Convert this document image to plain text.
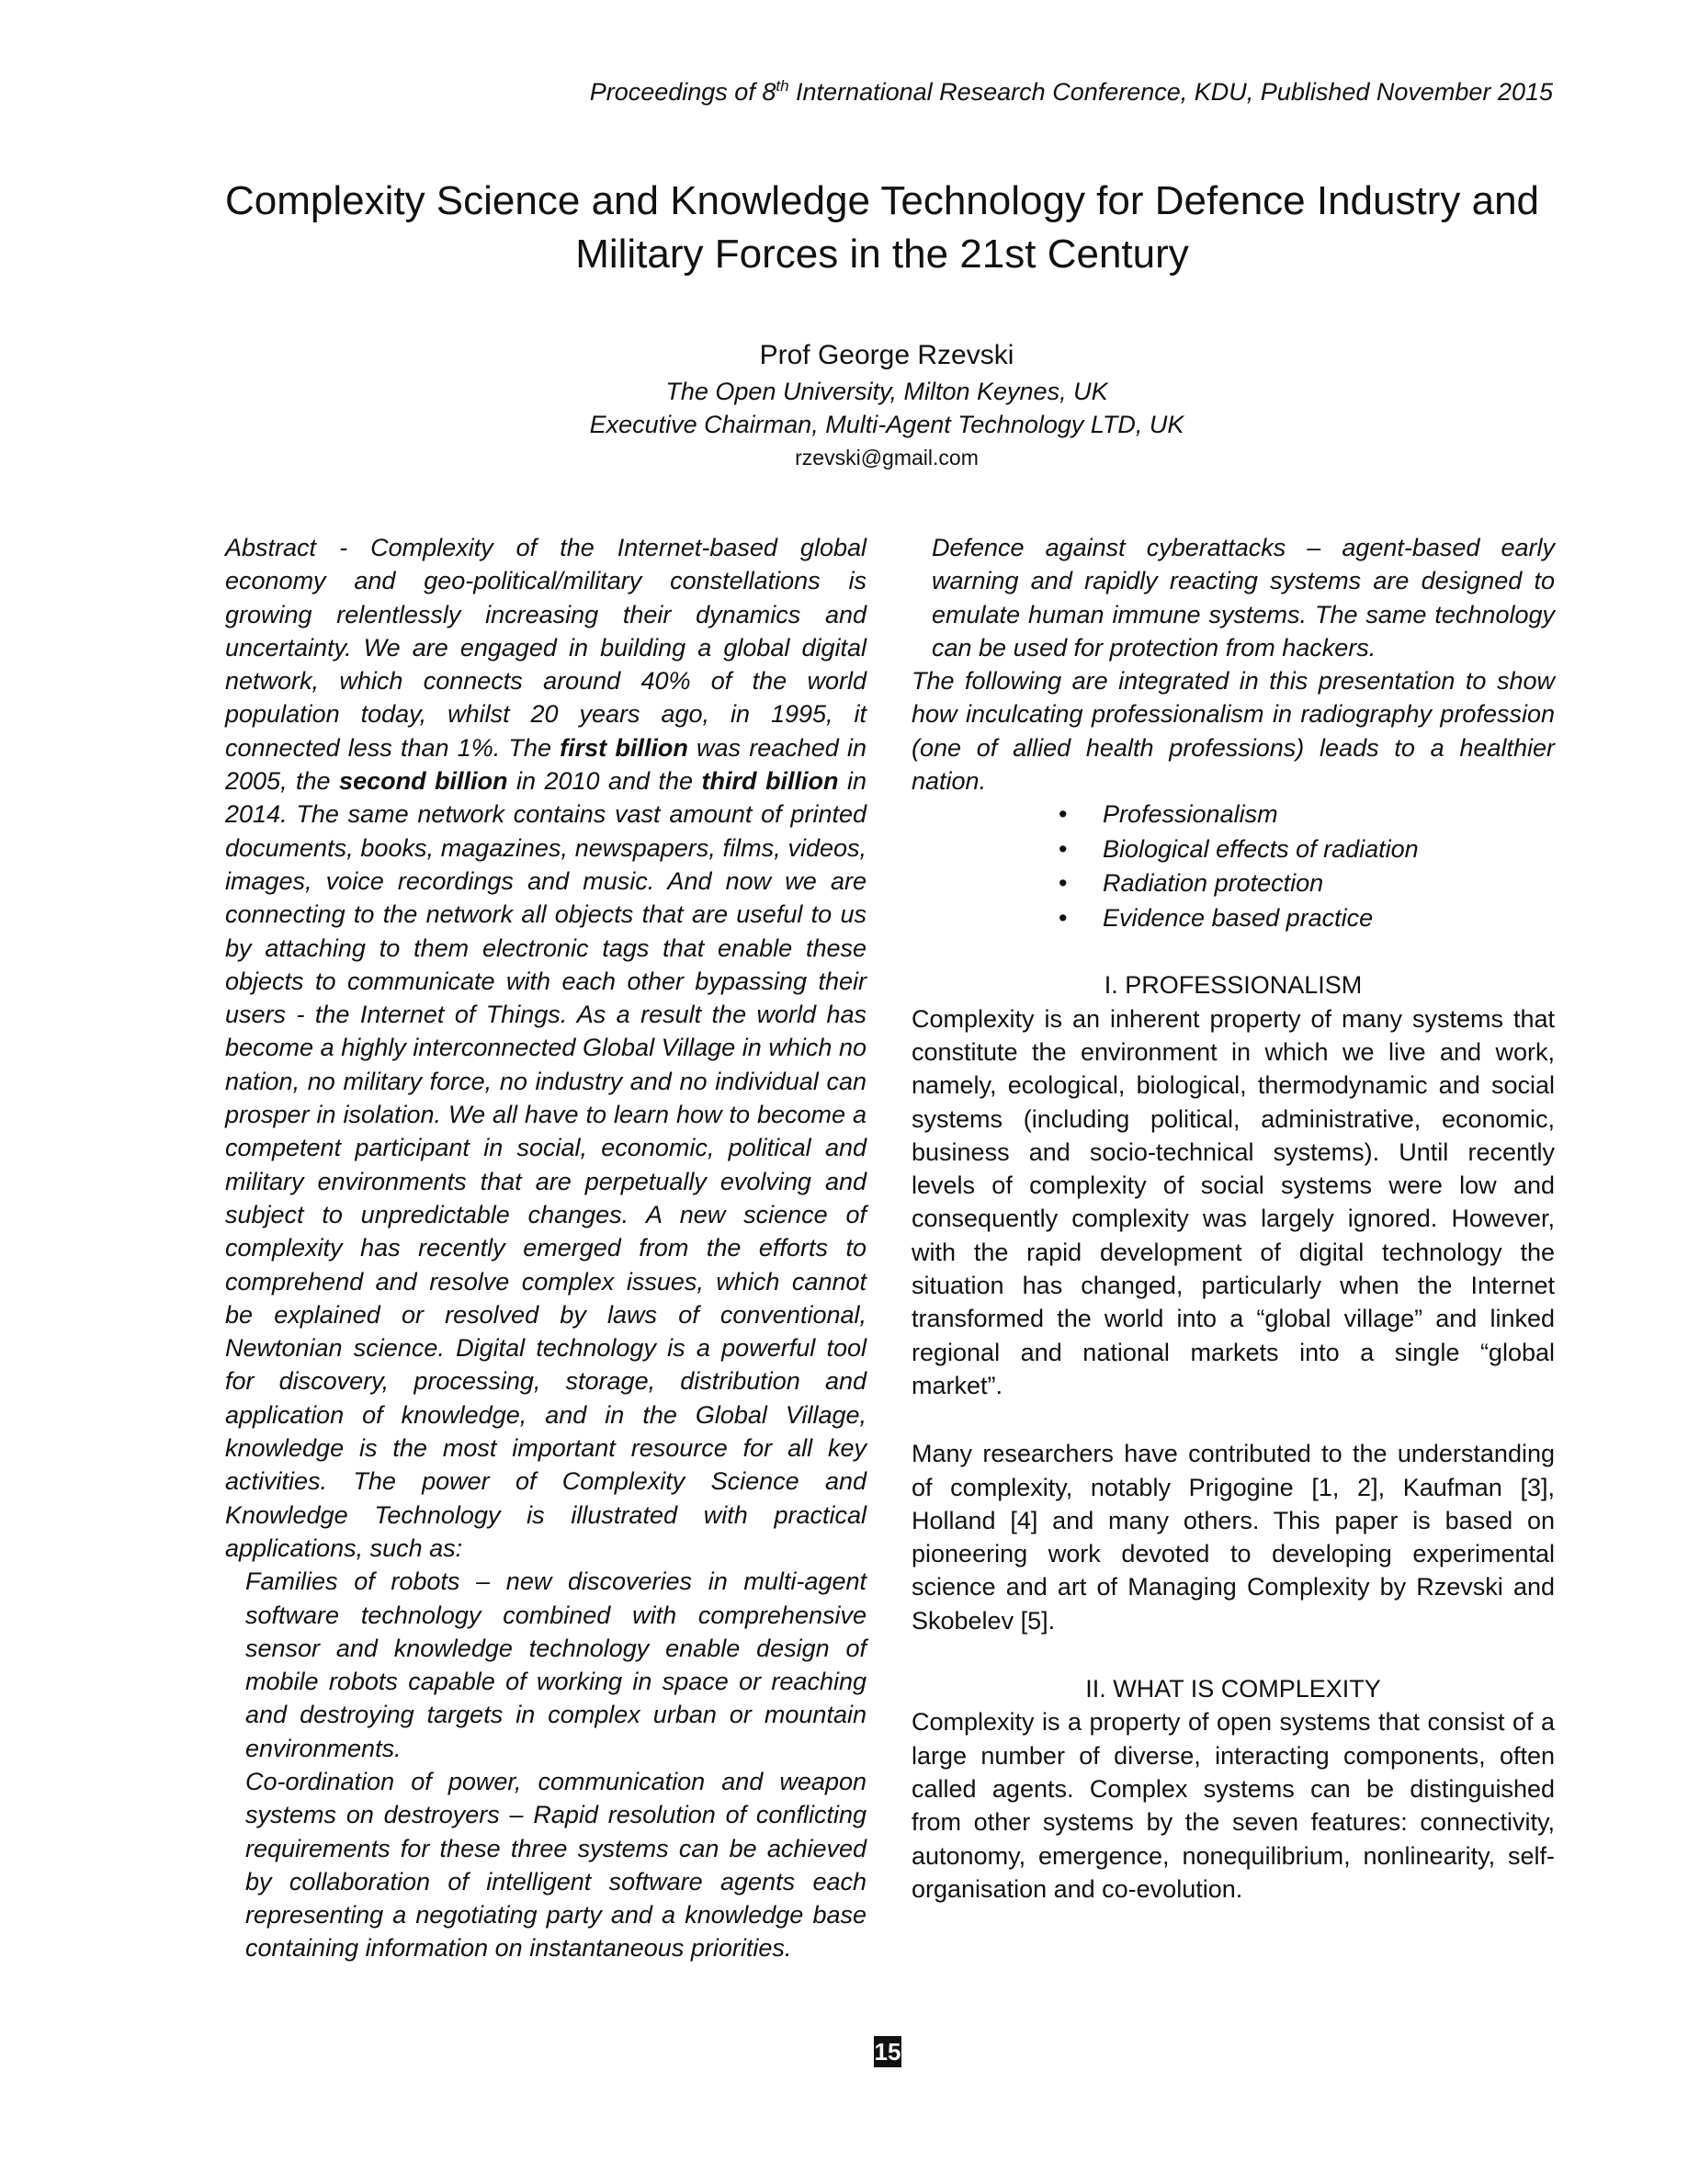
Proceedings of 8th International Research Conference, KDU, Published November 2015
Complexity Science and Knowledge Technology for Defence Industry and Military Forces in the 21st Century
Prof George Rzevski
The Open University, Milton Keynes, UK
Executive Chairman, Multi-Agent Technology LTD, UK
rzevski@gmail.com

Abstract - Complexity of the Internet-based global economy and geo-political/military constellations is growing relentlessly increasing their dynamics and uncertainty. We are engaged in building a global digital network, which connects around 40% of the world population today, whilst 20 years ago, in 1995, it connected less than 1%. The first billion was reached in 2005, the second billion in 2010 and the third billion in 2014. The same network contains vast amount of printed documents, books, magazines, newspapers, films, videos, images, voice recordings and music. And now we are connecting to the network all objects that are useful to us by attaching to them electronic tags that enable these objects to communicate with each other bypassing their users - the Internet of Things. As a result the world has become a highly interconnected Global Village in which no nation, no military force, no industry and no individual can prosper in isolation. We all have to learn how to become a competent participant in social, economic, political and military environments that are perpetually evolving and subject to unpredictable changes. A new science of complexity has recently emerged from the efforts to comprehend and resolve complex issues, which cannot be explained or resolved by laws of conventional, Newtonian science. Digital technology is a powerful tool for discovery, processing, storage, distribution and application of knowledge, and in the Global Village, knowledge is the most important resource for all key activities. The power of Complexity Science and Knowledge Technology is illustrated with practical applications, such as:

Families of robots – new discoveries in multi-agent software technology combined with comprehensive sensor and knowledge technology enable design of mobile robots capable of working in space or reaching and destroying targets in complex urban or mountain environments.

Co-ordination of power, communication and weapon systems on destroyers – Rapid resolution of conflicting requirements for these three systems can be achieved by collaboration of intelligent software agents each representing a negotiating party and a knowledge base containing information on instantaneous priorities.

Defence against cyberattacks – agent-based early warning and rapidly reacting systems are designed to emulate human immune systems. The same technology can be used for protection from hackers.

The following are integrated in this presentation to show how inculcating professionalism in radiography profession (one of allied health professions) leads to a healthier nation.

• Professionalism
• Biological effects of radiation
• Radiation protection
• Evidence based practice

I. PROFESSIONALISM

Complexity is an inherent property of many systems that constitute the environment in which we live and work, namely, ecological, biological, thermodynamic and social systems (including political, administrative, economic, business and socio-technical systems). Until recently levels of complexity of social systems were low and consequently complexity was largely ignored. However, with the rapid development of digital technology the situation has changed, particularly when the Internet transformed the world into a “global village” and linked regional and national markets into a single “global market”.

Many researchers have contributed to the understanding of complexity, notably Prigogine [1, 2], Kaufman [3], Holland [4] and many others. This paper is based on pioneering work devoted to developing experimental science and art of Managing Complexity by Rzevski and Skobelev [5].

II. WHAT IS COMPLEXITY

Complexity is a property of open systems that consist of a large number of diverse, interacting components, often called agents. Complex systems can be distinguished from other systems by the seven features: connectivity, autonomy, emergence, nonequilibrium, nonlinearity, self-organisation and co-evolution.

15
